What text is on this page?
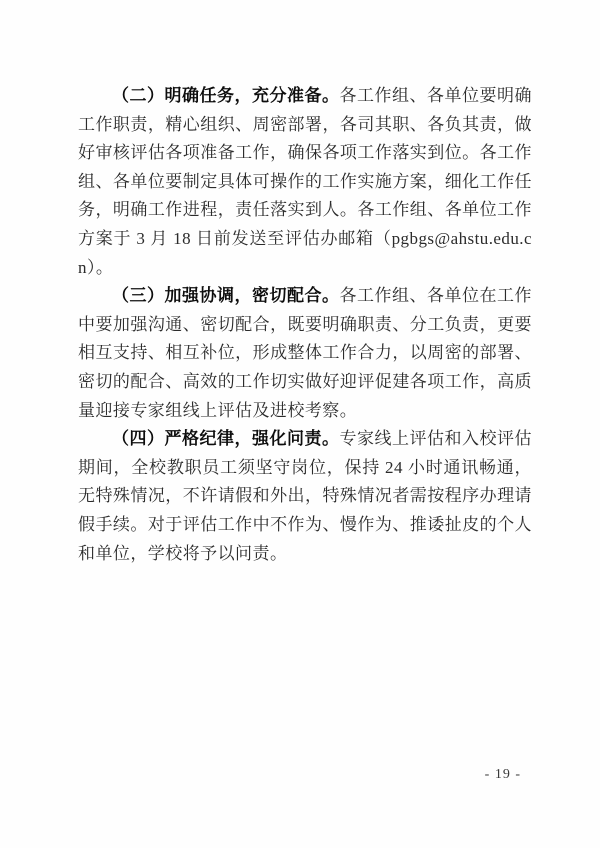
（二）明确任务，充分准备。各工作组、各单位要明确工作职责，精心组织、周密部署，各司其职、各负其责，做好审核评估各项准备工作，确保各项工作落实到位。各工作组、各单位要制定具体可操作的工作实施方案，细化工作任务，明确工作进程，责任落实到人。各工作组、各单位工作方案于 3 月 18 日前发送至评估办邮箱（pgbgs@ahstu.edu.cn）。

（三）加强协调，密切配合。各工作组、各单位在工作中要加强沟通、密切配合，既要明确职责、分工负责，更要相互支持、相互补位，形成整体工作合力，以周密的部署、密切的配合、高效的工作切实做好迎评促建各项工作，高质量迎接专家组线上评估及进校考察。

（四）严格纪律，强化问责。专家线上评估和入校评估期间，全校教职员工须坚守岗位，保持 24 小时通讯畅通，无特殊情况，不许请假和外出，特殊情况者需按程序办理请假手续。对于评估工作中不作为、慢作为、推诿扯皮的个人和单位，学校将予以问责。

- 19 -
